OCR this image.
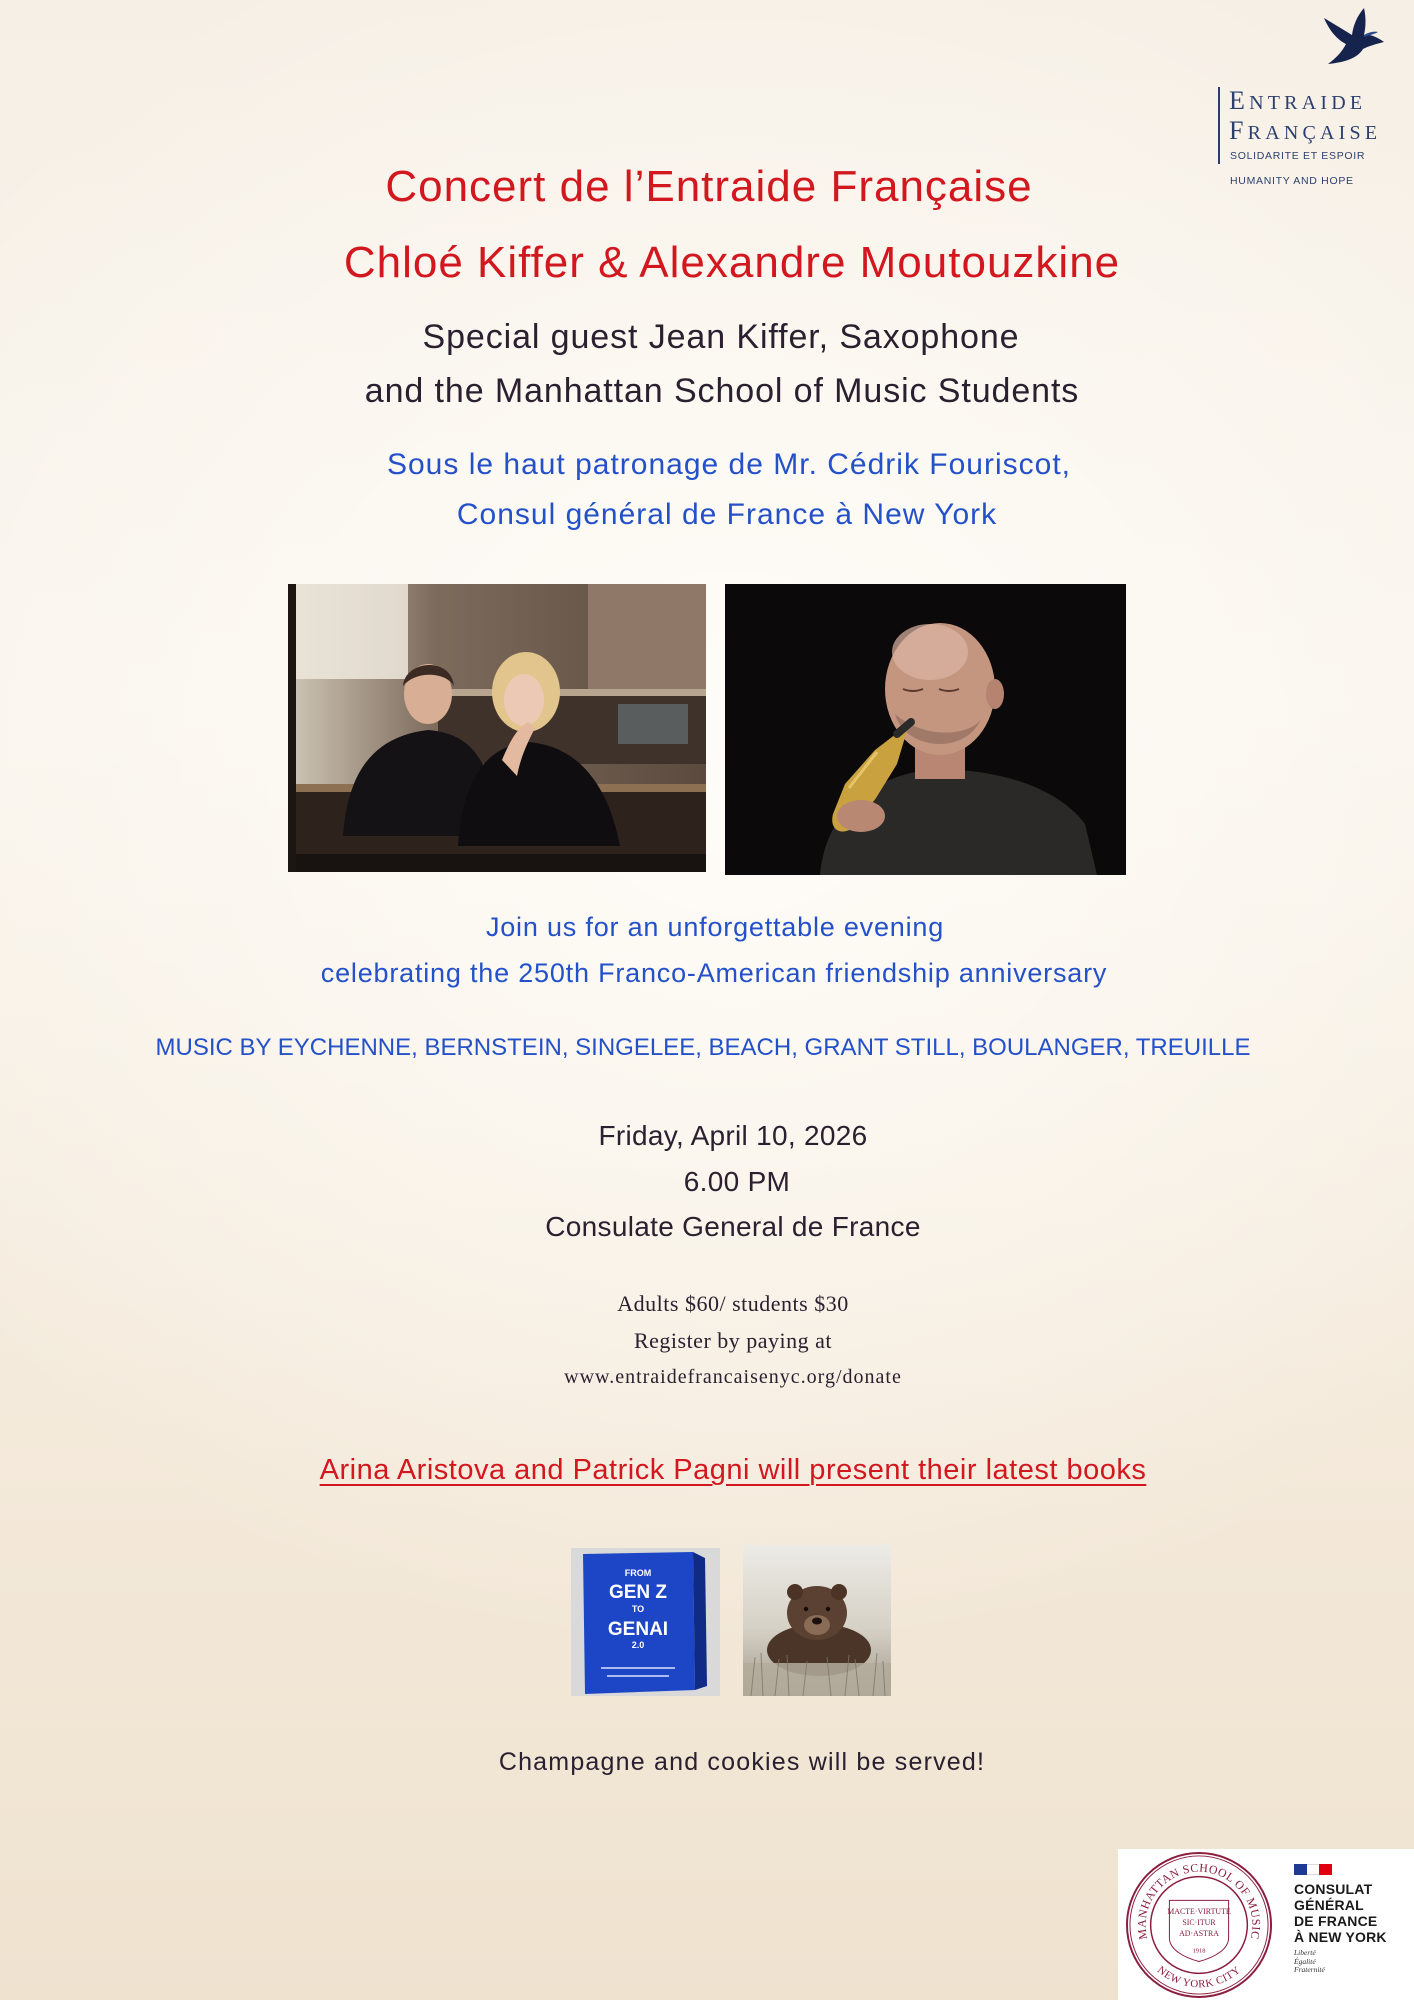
ENTRAIDE
FRANÇAISE
SOLIDARITE ET ESPOIR
HUMANITY AND HOPE
Concert de l’Entraide Française
Chloé Kiffer & Alexandre Moutouzkine

Special guest Jean Kiffer, Saxophone

and the Manhattan School of Music Students

Sous le haut patronage de Mr. Cédrik Fouriscot,

Consul général de France à New York

Join us for an unforgettable evening

celebrating the 250th Franco-American friendship anniversary

MUSIC BY EYCHENNE, BERNSTEIN, SINGELEE, BEACH, GRANT STILL, BOULANGER, TREUILLE

Friday, April 10, 2026

6.00 PM

Consulate General de France

Adults $60/ students $30

Register by paying at

www.entraidefrancaisenyc.org/donate

Arina Aristova and Patrick Pagni will present their latest books

FROM
GEN Z
TO
GENAI
2.0

Champagne and cookies will be served!

MANHATTAN SCHOOL OF MUSIC
NEW YORK CITY
MACTE·VIRTUTE
SIC·ITUR
AD·ASTRA
1918
CONSULAT
GÉNÉRAL
DE FRANCE
À NEW YORK
Liberté
Égalité
Fraternité
